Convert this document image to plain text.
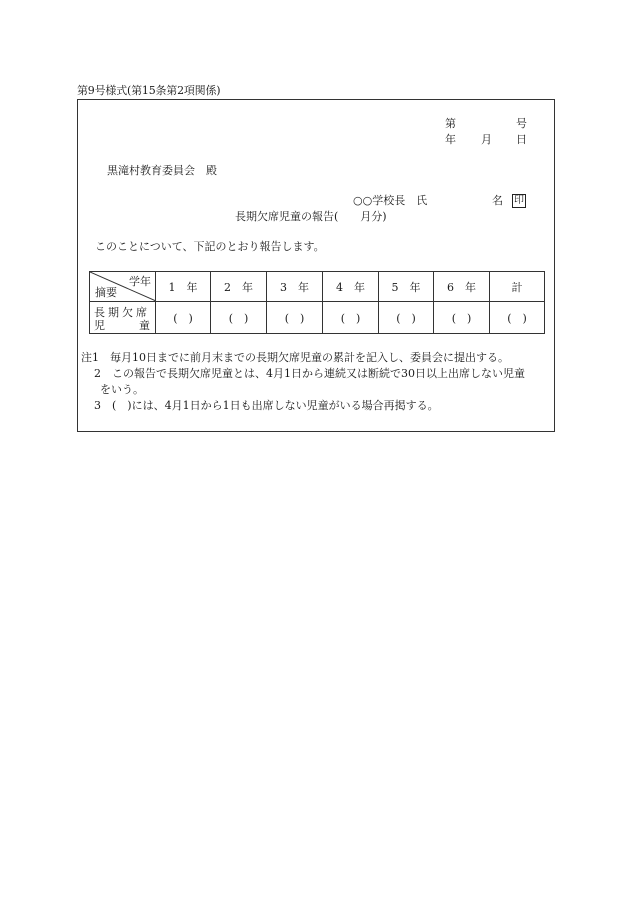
第9号様式(第15条第2項関係)
第	号
年 月 日
黒滝村教育委員会　殿
○○学校長　氏	名 印
長期欠席児童の報告(　　月分)
このことについて、下記のとおり報告します。
学年
摘要	1　年	2　年	3　年	4　年	5　年	6　年	計

長期欠席
児 童	(　)	(　)	(　)	(　)	(　)	(　)	(　)
注1　毎月10日までに前月末までの長期欠席児童の累計を記入し、委員会に提出する。
2　この報告で長期欠席児童とは、4月1日から連続又は断続で30日以上出席しない児童
をいう。
3　(　)には、4月1日から1日も出席しない児童がいる場合再掲する。
